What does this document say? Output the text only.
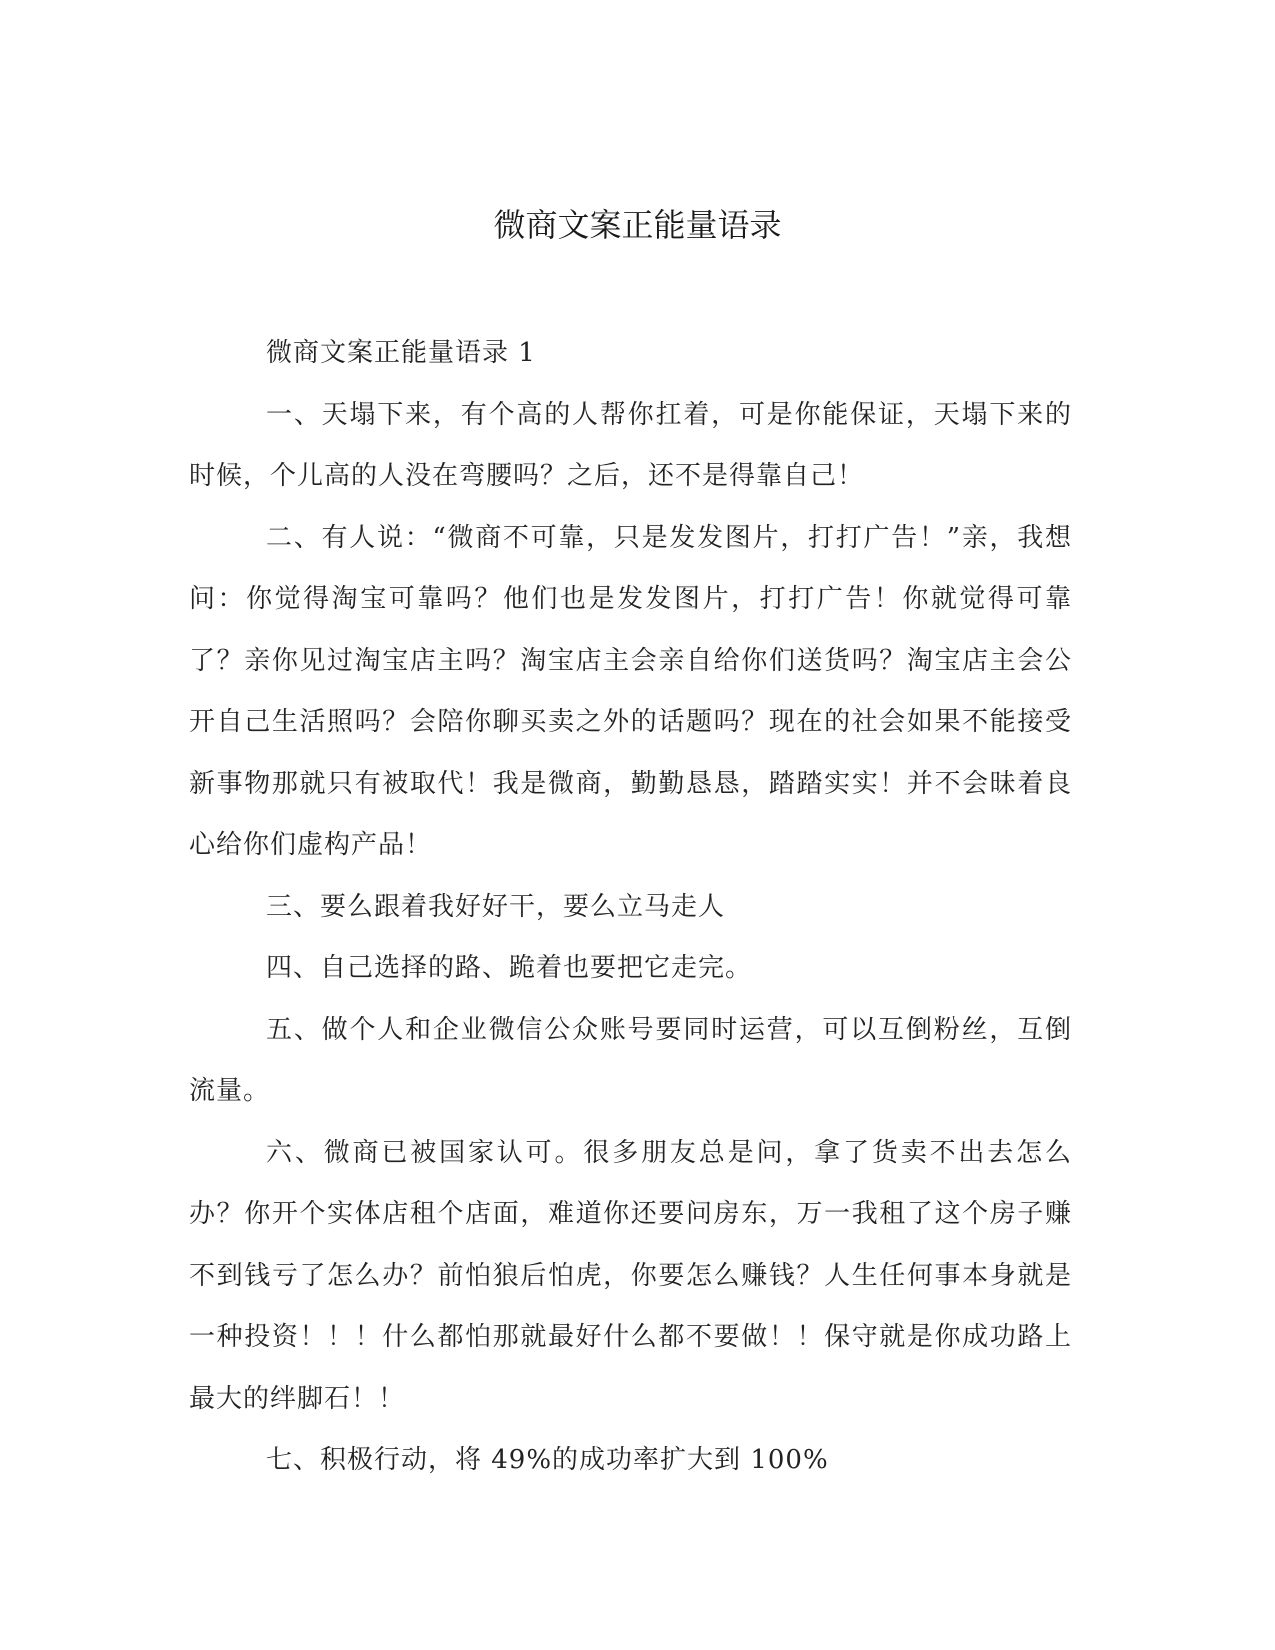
微商文案正能量语录

微商文案正能量语录 1

一、天塌下来，有个高的人帮你扛着，可是你能保证，天塌下来的时候，个儿高的人没在弯腰吗？之后，还不是得靠自己！

二、有人说：“微商不可靠，只是发发图片，打打广告！”亲，我想问：你觉得淘宝可靠吗？他们也是发发图片，打打广告！你就觉得可靠了？亲你见过淘宝店主吗？淘宝店主会亲自给你们送货吗？淘宝店主会公开自己生活照吗？会陪你聊买卖之外的话题吗？现在的社会如果不能接受新事物那就只有被取代！我是微商，勤勤恳恳，踏踏实实！并不会昧着良心给你们虚构产品！

三、要么跟着我好好干，要么立马走人

四、自己选择的路、跪着也要把它走完。

五、做个人和企业微信公众账号要同时运营，可以互倒粉丝，互倒流量。

六、微商已被国家认可。很多朋友总是问，拿了货卖不出去怎么办？你开个实体店租个店面，难道你还要问房东，万一我租了这个房子赚不到钱亏了怎么办？前怕狼后怕虎，你要怎么赚钱？人生任何事本身就是一种投资！！！什么都怕那就最好什么都不要做！！保守就是你成功路上最大的绊脚石！！

七、积极行动，将 49%的成功率扩大到 100%
